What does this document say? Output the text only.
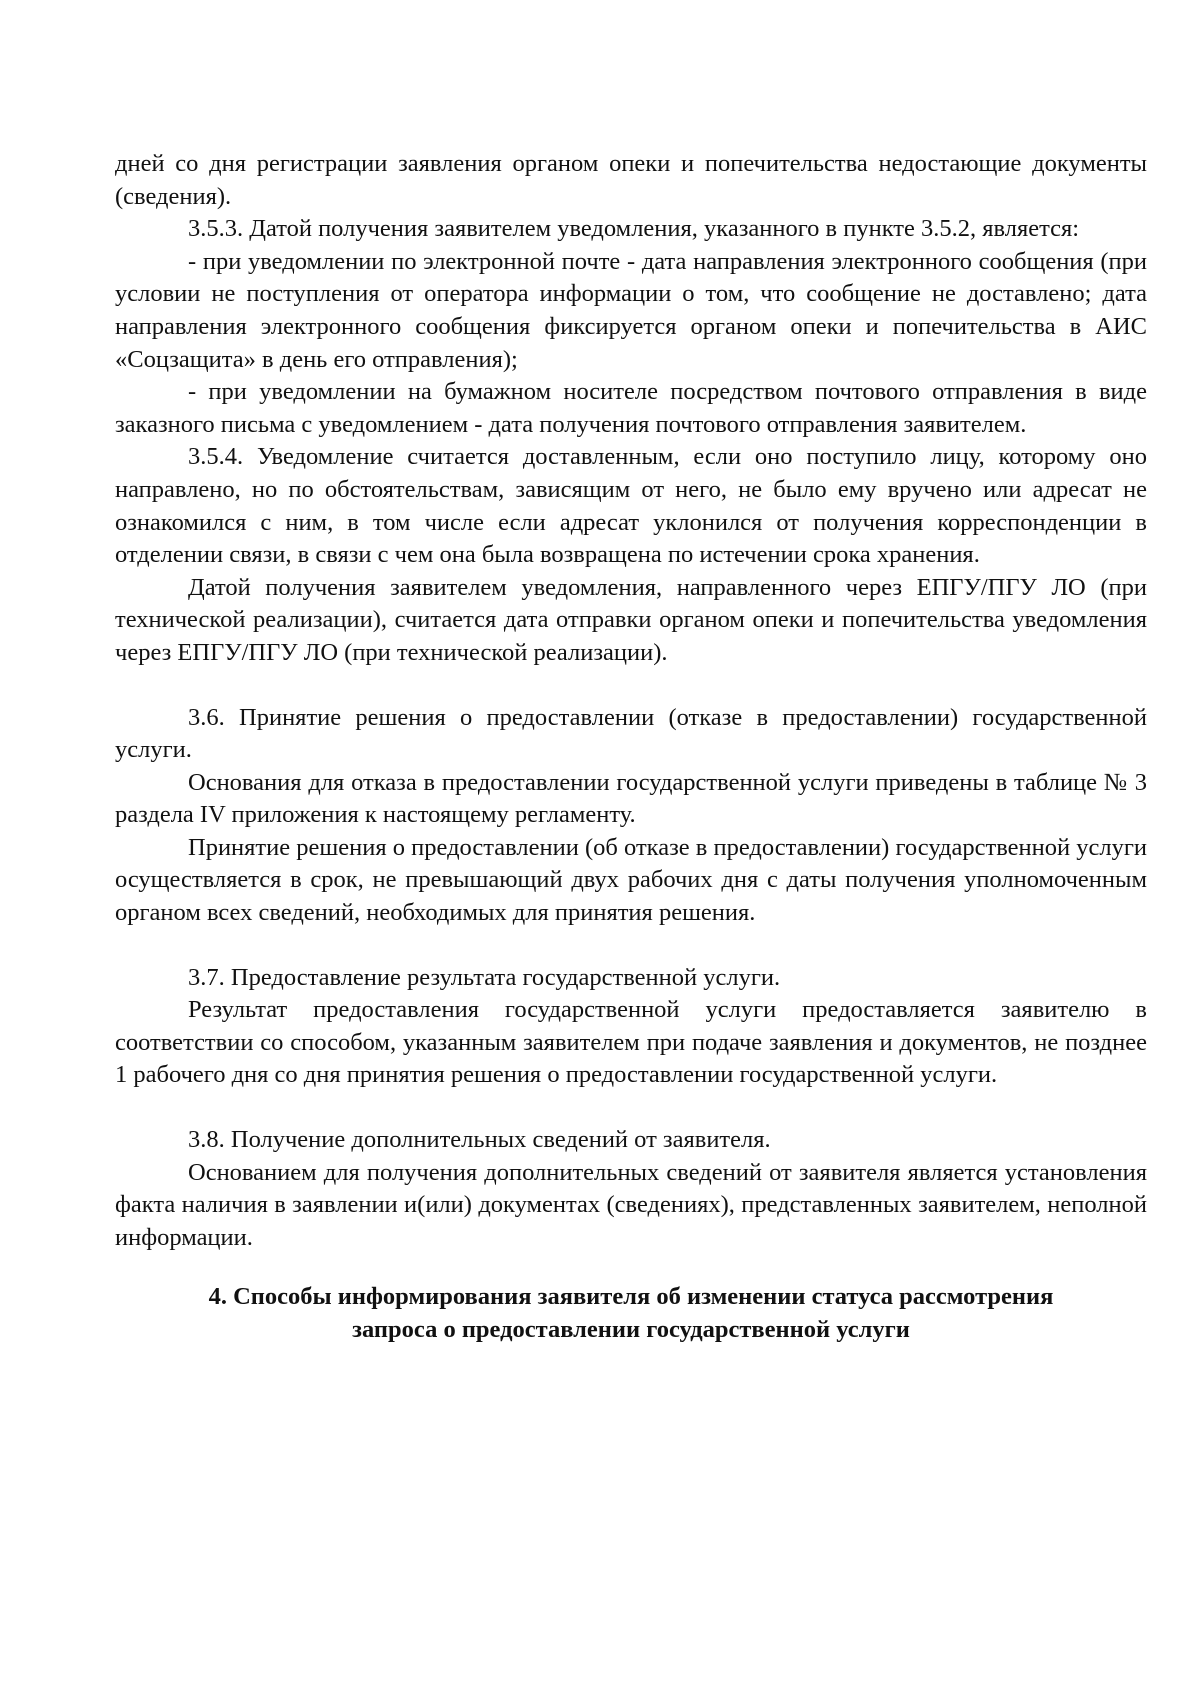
дней со дня регистрации заявления органом опеки и попечительства недостающие документы (сведения).

3.5.3. Датой получения заявителем уведомления, указанного в пункте 3.5.2, является:

- при уведомлении по электронной почте - дата направления электронного сообщения (при условии не поступления от оператора информации о том, что сообщение не доставлено; дата направления электронного сообщения фиксируется органом опеки и попечительства в АИС «Соцзащита» в день его отправления);

- при уведомлении на бумажном носителе посредством почтового отправления в виде заказного письма с уведомлением - дата получения почтового отправления заявителем.

3.5.4. Уведомление считается доставленным, если оно поступило лицу, которому оно направлено, но по обстоятельствам, зависящим от него, не было ему вручено или адресат не ознакомился с ним, в том числе если адресат уклонился от получения корреспонденции в отделении связи, в связи с чем она была возвращена по истечении срока хранения.

Датой получения заявителем уведомления, направленного через ЕПГУ/ПГУ ЛО (при технической реализации), считается дата отправки органом опеки и попечительства уведомления через ЕПГУ/ПГУ ЛО (при технической реализации).

3.6. Принятие решения о предоставлении (отказе в предоставлении) государственной услуги.

Основания для отказа в предоставлении государственной услуги приведены в таблице № 3 раздела IV приложения к настоящему регламенту.

Принятие решения о предоставлении (об отказе в предоставлении) государственной услуги осуществляется в срок, не превышающий двух рабочих дня с даты получения уполномоченным органом всех сведений, необходимых для принятия решения.

3.7. Предоставление результата государственной услуги.

Результат предоставления государственной услуги предоставляется заявителю в соответствии со способом, указанным заявителем при подаче заявления и документов, не позднее 1 рабочего дня со дня принятия решения о предоставлении государственной услуги.

3.8. Получение дополнительных сведений от заявителя.

Основанием для получения дополнительных сведений от заявителя является установления факта наличия в заявлении и(или) документах (сведениях), представленных заявителем, неполной информации.

4. Способы информирования заявителя об изменении статуса рассмотрения
запроса о предоставлении государственной услуги
